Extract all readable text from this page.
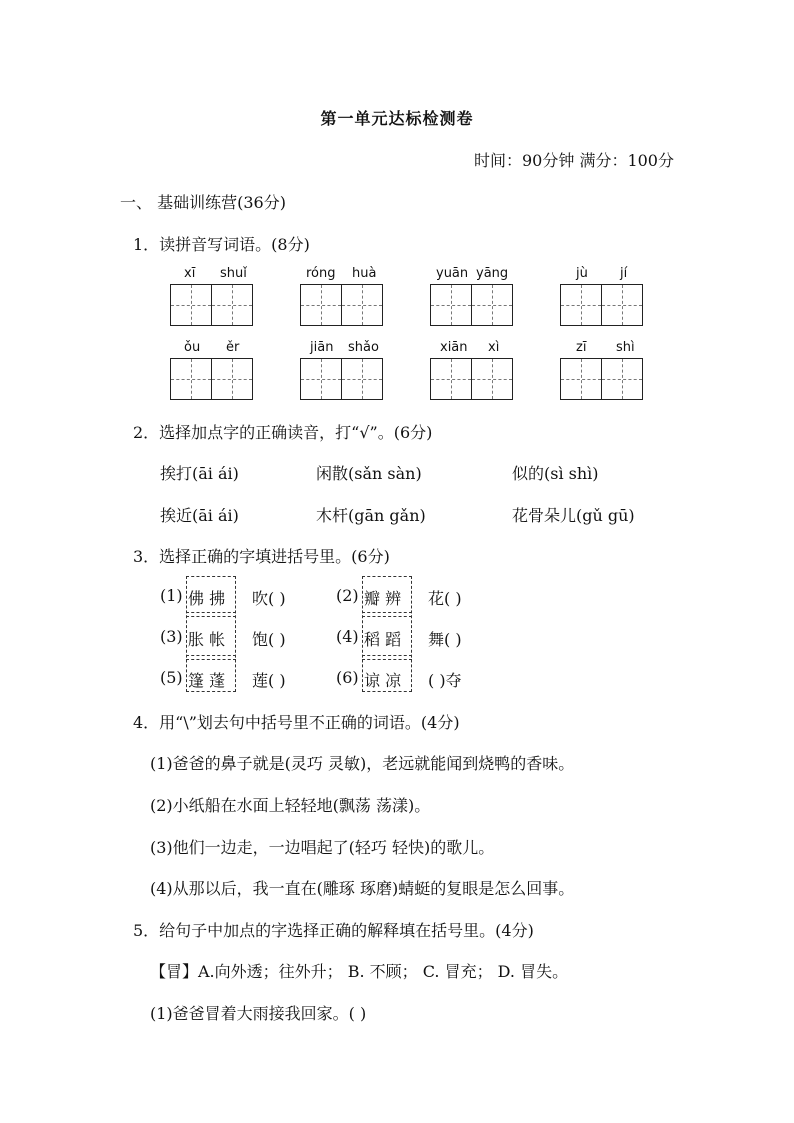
第一单元达标检测卷
时间：90分钟 满分：100分
一、 基础训练营(36分)
1．读拼音写词语。(8分)
xī shuǐ	róng huà	yuān yāng	jù jí
ǒu ěr	jiān shǎo	xiān xì	zī shì
2．选择加点字的正确读音，打“√”。(6分)
挨打(āi ái)	闲散(sǎn sàn)	似的(sì shì)
挨近(āi ái)	木杆(gān gǎn)	花骨朵儿(gǔ gū)
3．选择正确的字填进括号里。(6分)
(1) 佛 拂 吹( )	(2) 瓣 辨 花( )
(3) 胀 帐 饱( )	(4) 稻 蹈 舞( )
(5) 篷 蓬 莲( )	(6) 谅 凉 ( )夺
4．用“\”划去句中括号里不正确的词语。(4分)
(1)爸爸的鼻子就是(灵巧 灵敏)，老远就能闻到烧鸭的香味。
(2)小纸船在水面上轻轻地(飘荡 荡漾)。
(3)他们一边走，一边唱起了(轻巧 轻快)的歌儿。
(4)从那以后，我一直在(雕琢 琢磨)蜻蜓的复眼是怎么回事。
5．给句子中加点的字选择正确的解释填在括号里。(4分)
【冒】A.向外透；往外升； B. 不顾； C. 冒充； D. 冒失。
(1)爸爸冒着大雨接我回家。( )
